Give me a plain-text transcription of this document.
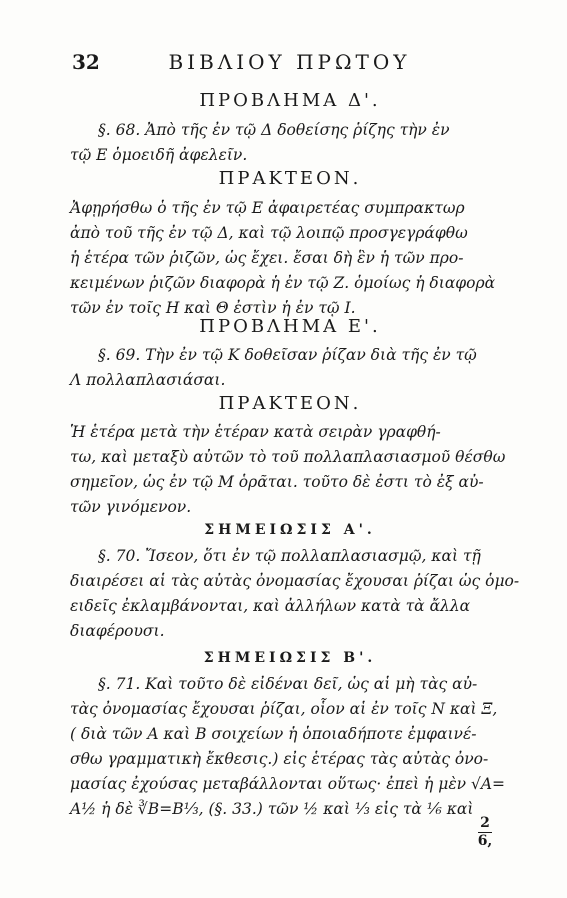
32	ΒΙΒΛΙΟΥ ΠΡΩΤΟΥ
ΠΡΟΒΛΗΜΑ Δ'.
§. 68. Ἀπὸ τῆς ἐν τῷ Δ δοθείσης ῥίζης τὴν ἐν
τῷ Ε ὁμοειδῆ ἀφελεῖν.
ΠΡΑΚΤΕΟΝ.
Ἀφῃρήσθω ὁ τῆς ἐν τῷ Ε ἀφαιρετέας συμπρακτωρ
ἀπὸ τοῦ τῆς ἐν τῷ Δ, καὶ τῷ λοιπῷ προσγεγράφθω
ἡ ἑτέρα τῶν ῥιζῶν, ὡς ἔχει. ἔσαι δὴ ἓν ἡ τῶν προ-
κειμένων ῥιζῶν διαφορὰ ἡ ἐν τῷ Ζ. ὁμοίως ἡ διαφορὰ
τῶν ἐν τοῖς Η καὶ Θ ἐστὶν ἡ ἐν τῷ Ι.
ΠΡΟΒΛΗΜΑ Ε'.
§. 69. Τὴν ἐν τῷ Κ δοθεῖσαν ῥίζαν διὰ τῆς ἐν τῷ
Λ πολλαπλασιάσαι.
ΠΡΑΚΤΕΟΝ.
Ἡ ἑτέρα μετὰ τὴν ἑτέραν κατὰ σειρὰν γραφθή-
τω, καὶ μεταξὺ αὐτῶν τὸ τοῦ πολλαπλασιασμοῦ θέσθω
σημεῖον, ὡς ἐν τῷ Μ ὁρᾶται. τοῦτο δὲ ἐστι τὸ ἐξ αὐ-
τῶν γινόμενον.
ΣΗΜΕΙΩΣΙΣ Α'.
§. 70. Ἴσεον, ὅτι ἐν τῷ πολλαπλασιασμῷ, καὶ τῇ
διαιρέσει αἱ τὰς αὐτὰς ὀνομασίας ἔχουσαι ῥίζαι ὡς ὁμο-
ειδεῖς ἐκλαμβάνονται, καὶ ἀλλήλων κατὰ τὰ ἄλλα
διαφέρουσι.
ΣΗΜΕΙΩΣΙΣ Β'.
§. 71. Καὶ τοῦτο δὲ εἰδέναι δεῖ, ὡς αἱ μὴ τὰς αὐ-
τὰς ὀνομασίας ἔχουσαι ῥίζαι, οἷον αἱ ἐν τοῖς Ν καὶ Ξ,
( διὰ τῶν Α καὶ Β σοιχείων ἡ ὁποιαδήποτε ἐμφαινέ-
σθω γραμματικὴ ἔκθεσις.) εἰς ἑτέρας τὰς αὐτὰς ὀνο-
μασίας ἐχούσας μεταβάλλονται οὕτως· ἐπεὶ ἡ μὲν √Α=
Α½ ἡ δὲ ∛Β=Β⅓, (§. 33.) τῶν ½ καὶ ⅓ εἰς τὰ ⅙ καὶ
2
6,
